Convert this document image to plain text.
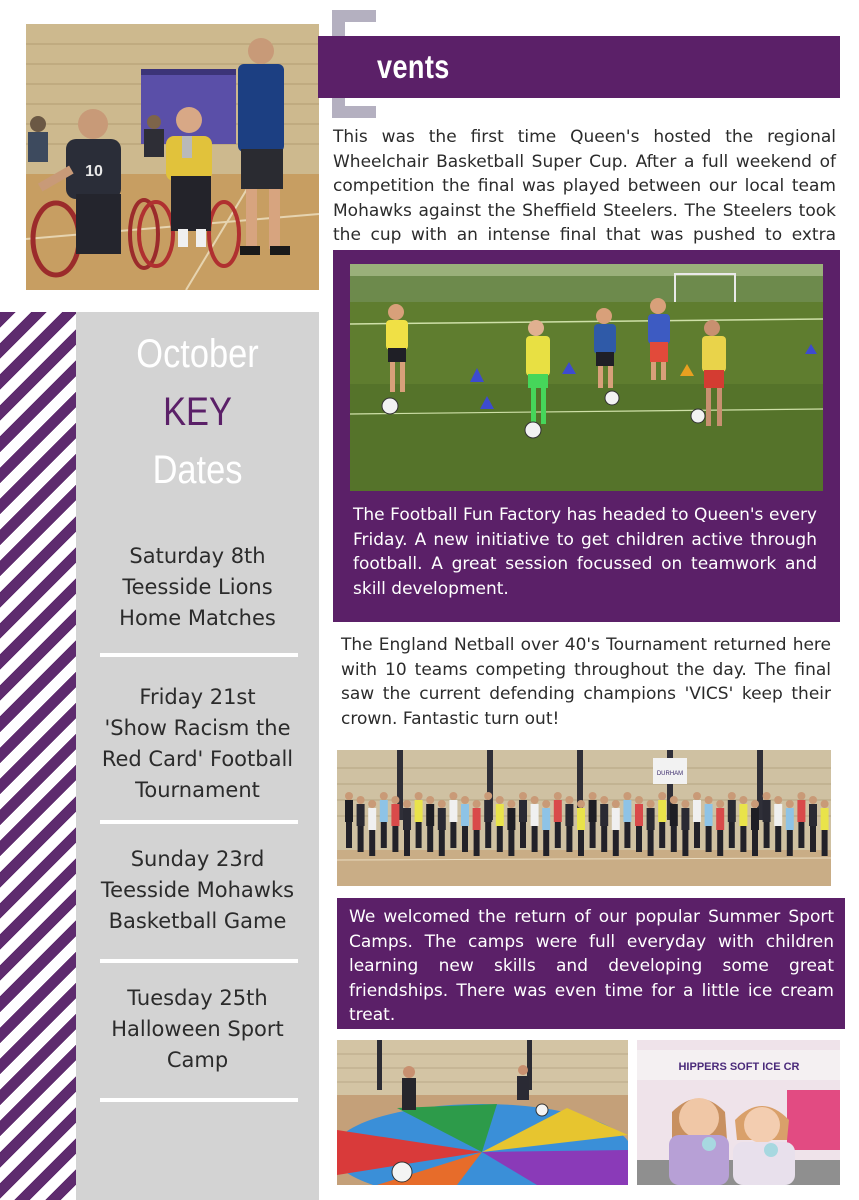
10
vents

This was the first time Queen's hosted the regional Wheelchair Basketball Super Cup. After a full weekend of competition the final was played between our local team Mohawks against the Sheffield Steelers. The Steelers took the cup with an intense final that was pushed to extra

The Football Fun Factory has headed to Queen's every Friday. A new initiative to get children active through football. A great session focussed on teamwork and skill development.

The England Netball over 40's Tournament returned here with 10 teams competing throughout the day. The final saw the current defending champions 'VICS' keep their crown. Fantastic turn out!

DURHAM

We welcomed the return of our popular Summer Sport Camps. The camps were full everyday with children learning new skills and developing some great friendships. There was even time for a little ice cream treat.

HIPPERS SOFT ICE CR
October
KEY
Dates
Saturday 8th
Teesside Lions
Home Matches
Friday 21st
'Show Racism the
Red Card' Football
Tournament
Sunday 23rd
Teesside Mohawks
Basketball Game
Tuesday 25th
Halloween Sport
Camp
